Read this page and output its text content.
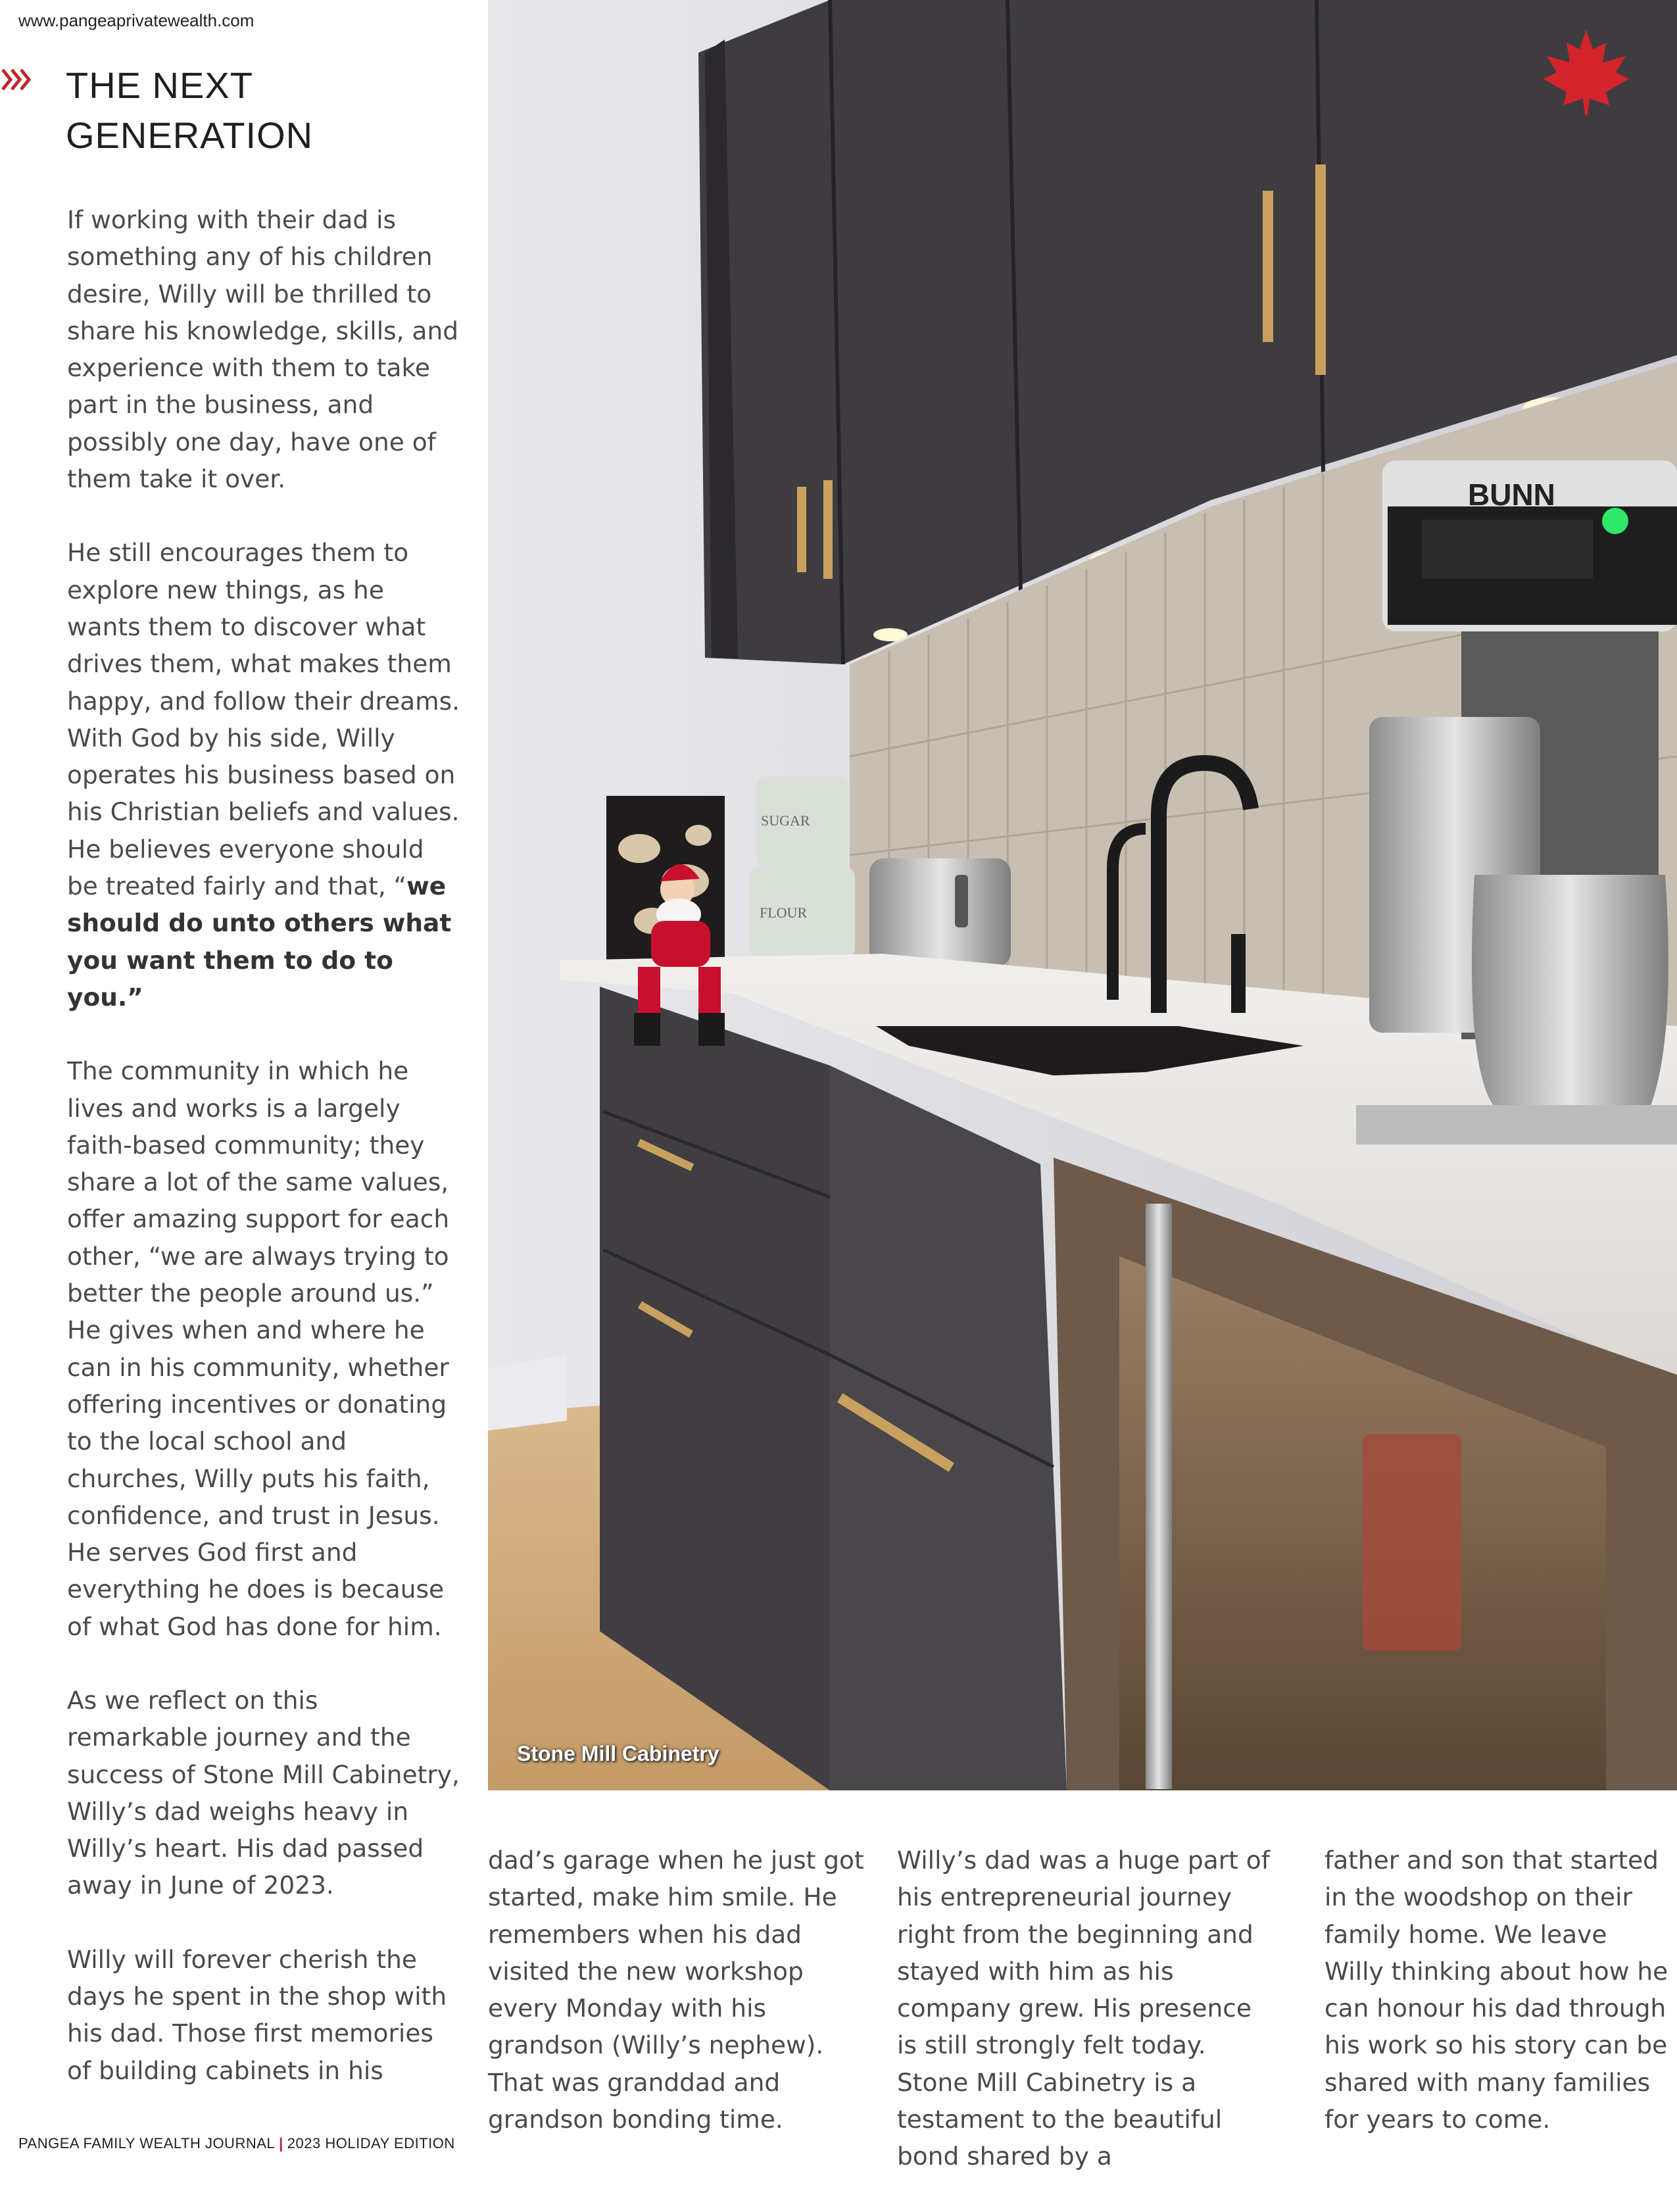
www.pangeaprivatewealth.com
THE NEXT
GENERATION

If working with their dad is something any of his children desire, Willy will be thrilled to share his knowledge, skills, and experience with them to take part in the business, and possibly one day, have one of them take it over.

He still encourages them to explore new things, as he wants them to discover what drives them, what makes them happy, and follow their dreams. With God by his side, Willy operates his business based on his Christian beliefs and values. He believes everyone should be treated fairly and that, “we should do unto others what you want them to do to you.”

The community in which he lives and works is a largely faith-based community; they share a lot of the same values, offer amazing support for each other, “we are always trying to better the people around us.” He gives when and where he can in his community, whether offering incentives or donating to the local school and churches, Willy puts his faith, confidence, and trust in Jesus. He serves God first and everything he does is because of what God has done for him.

As we reflect on this remarkable journey and the success of Stone Mill Cabinetry, Willy’s dad weighs heavy in Willy’s heart. His dad passed away in June of 2023.

Willy will forever cherish the days he spent in the shop with his dad. Those first memories of building cabinets in his

SUGAR
FLOUR
BUNN
Stone Mill Cabinetry

dad’s garage when he just got started, make him smile. He remembers when his dad visited the new workshop every Monday with his grandson (Willy’s nephew). That was granddad and grandson bonding time.

Willy’s dad was a huge part of his entrepreneurial journey right from the beginning and stayed with him as his company grew. His presence is still strongly felt today. Stone Mill Cabinetry is a testament to the beautiful bond shared by a

father and son that started in the woodshop on their family home. We leave Willy thinking about how he can honour his dad through his work so his story can be shared with many families for years to come.

PANGEA FAMILY WEALTH JOURNAL | 2023 HOLIDAY EDITION
